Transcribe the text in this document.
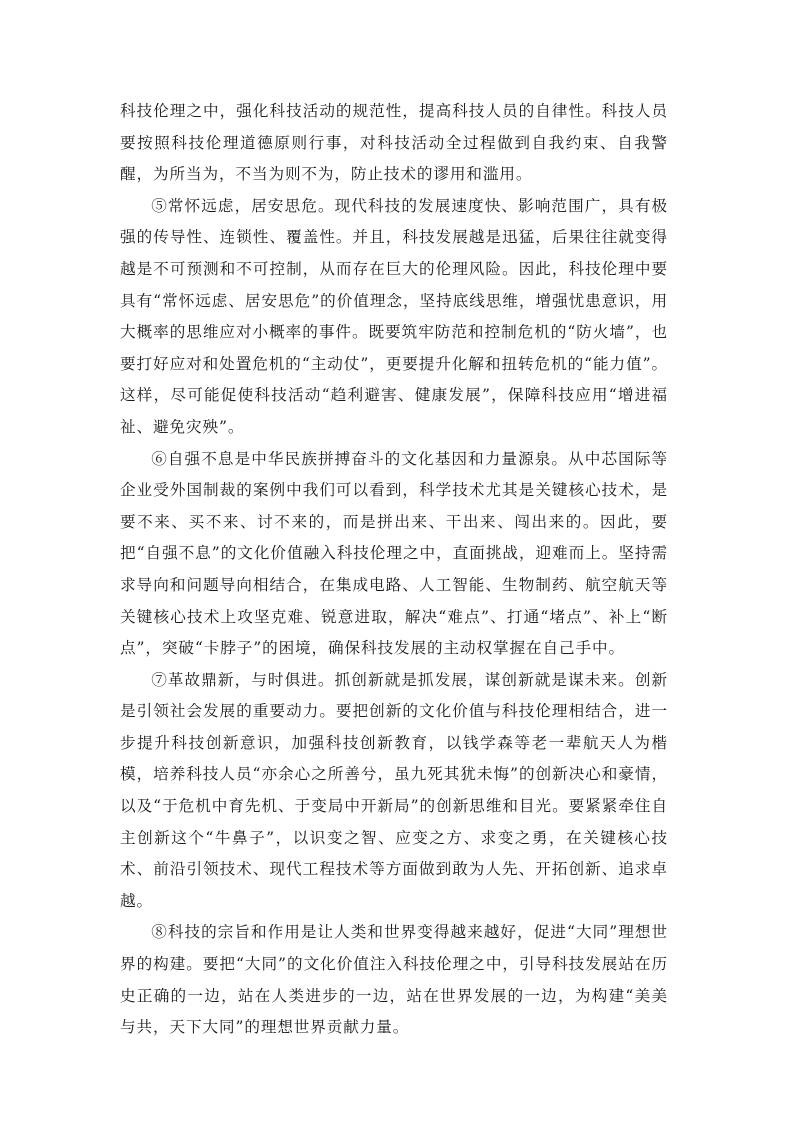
科技伦理之中，强化科技活动的规范性，提高科技人员的自律性。科技人员要按照科技伦理道德原则行事，对科技活动全过程做到自我约束、自我警醒，为所当为，不当为则不为，防止技术的谬用和滥用。

⑤常怀远虑，居安思危。现代科技的发展速度快、影响范围广，具有极强的传导性、连锁性、覆盖性。并且，科技发展越是迅猛，后果往往就变得越是不可预测和不可控制，从而存在巨大的伦理风险。因此，科技伦理中要具有“常怀远虑、居安思危”的价值理念，坚持底线思维，增强忧患意识，用大概率的思维应对小概率的事件。既要筑牢防范和控制危机的“防火墙”，也要打好应对和处置危机的“主动仗”，更要提升化解和扭转危机的“能力值”。这样，尽可能促使科技活动“趋利避害、健康发展”，保障科技应用“增进福祉、避免灾殃”。

⑥自强不息是中华民族拼搏奋斗的文化基因和力量源泉。从中芯国际等企业受外国制裁的案例中我们可以看到，科学技术尤其是关键核心技术，是要不来、买不来、讨不来的，而是拼出来、干出来、闯出来的。因此，要把“自强不息”的文化价值融入科技伦理之中，直面挑战，迎难而上。坚持需求导向和问题导向相结合，在集成电路、人工智能、生物制药、航空航天等关键核心技术上攻坚克难、锐意进取，解决“难点”、打通“堵点”、补上“断点”，突破“卡脖子”的困境，确保科技发展的主动权掌握在自己手中。

⑦革故鼎新，与时俱进。抓创新就是抓发展，谋创新就是谋未来。创新是引领社会发展的重要动力。要把创新的文化价值与科技伦理相结合，进一步提升科技创新意识，加强科技创新教育，以钱学森等老一辈航天人为楷模，培养科技人员“亦余心之所善兮，虽九死其犹未悔”的创新决心和豪情，以及“于危机中育先机、于变局中开新局”的创新思维和目光。要紧紧牵住自主创新这个“牛鼻子”，以识变之智、应变之方、求变之勇，在关键核心技术、前沿引领技术、现代工程技术等方面做到敢为人先、开拓创新、追求卓越。

⑧科技的宗旨和作用是让人类和世界变得越来越好，促进“大同”理想世界的构建。要把“大同”的文化价值注入科技伦理之中，引导科技发展站在历史正确的一边，站在人类进步的一边，站在世界发展的一边，为构建“美美与共，天下大同”的理想世界贡献力量。
